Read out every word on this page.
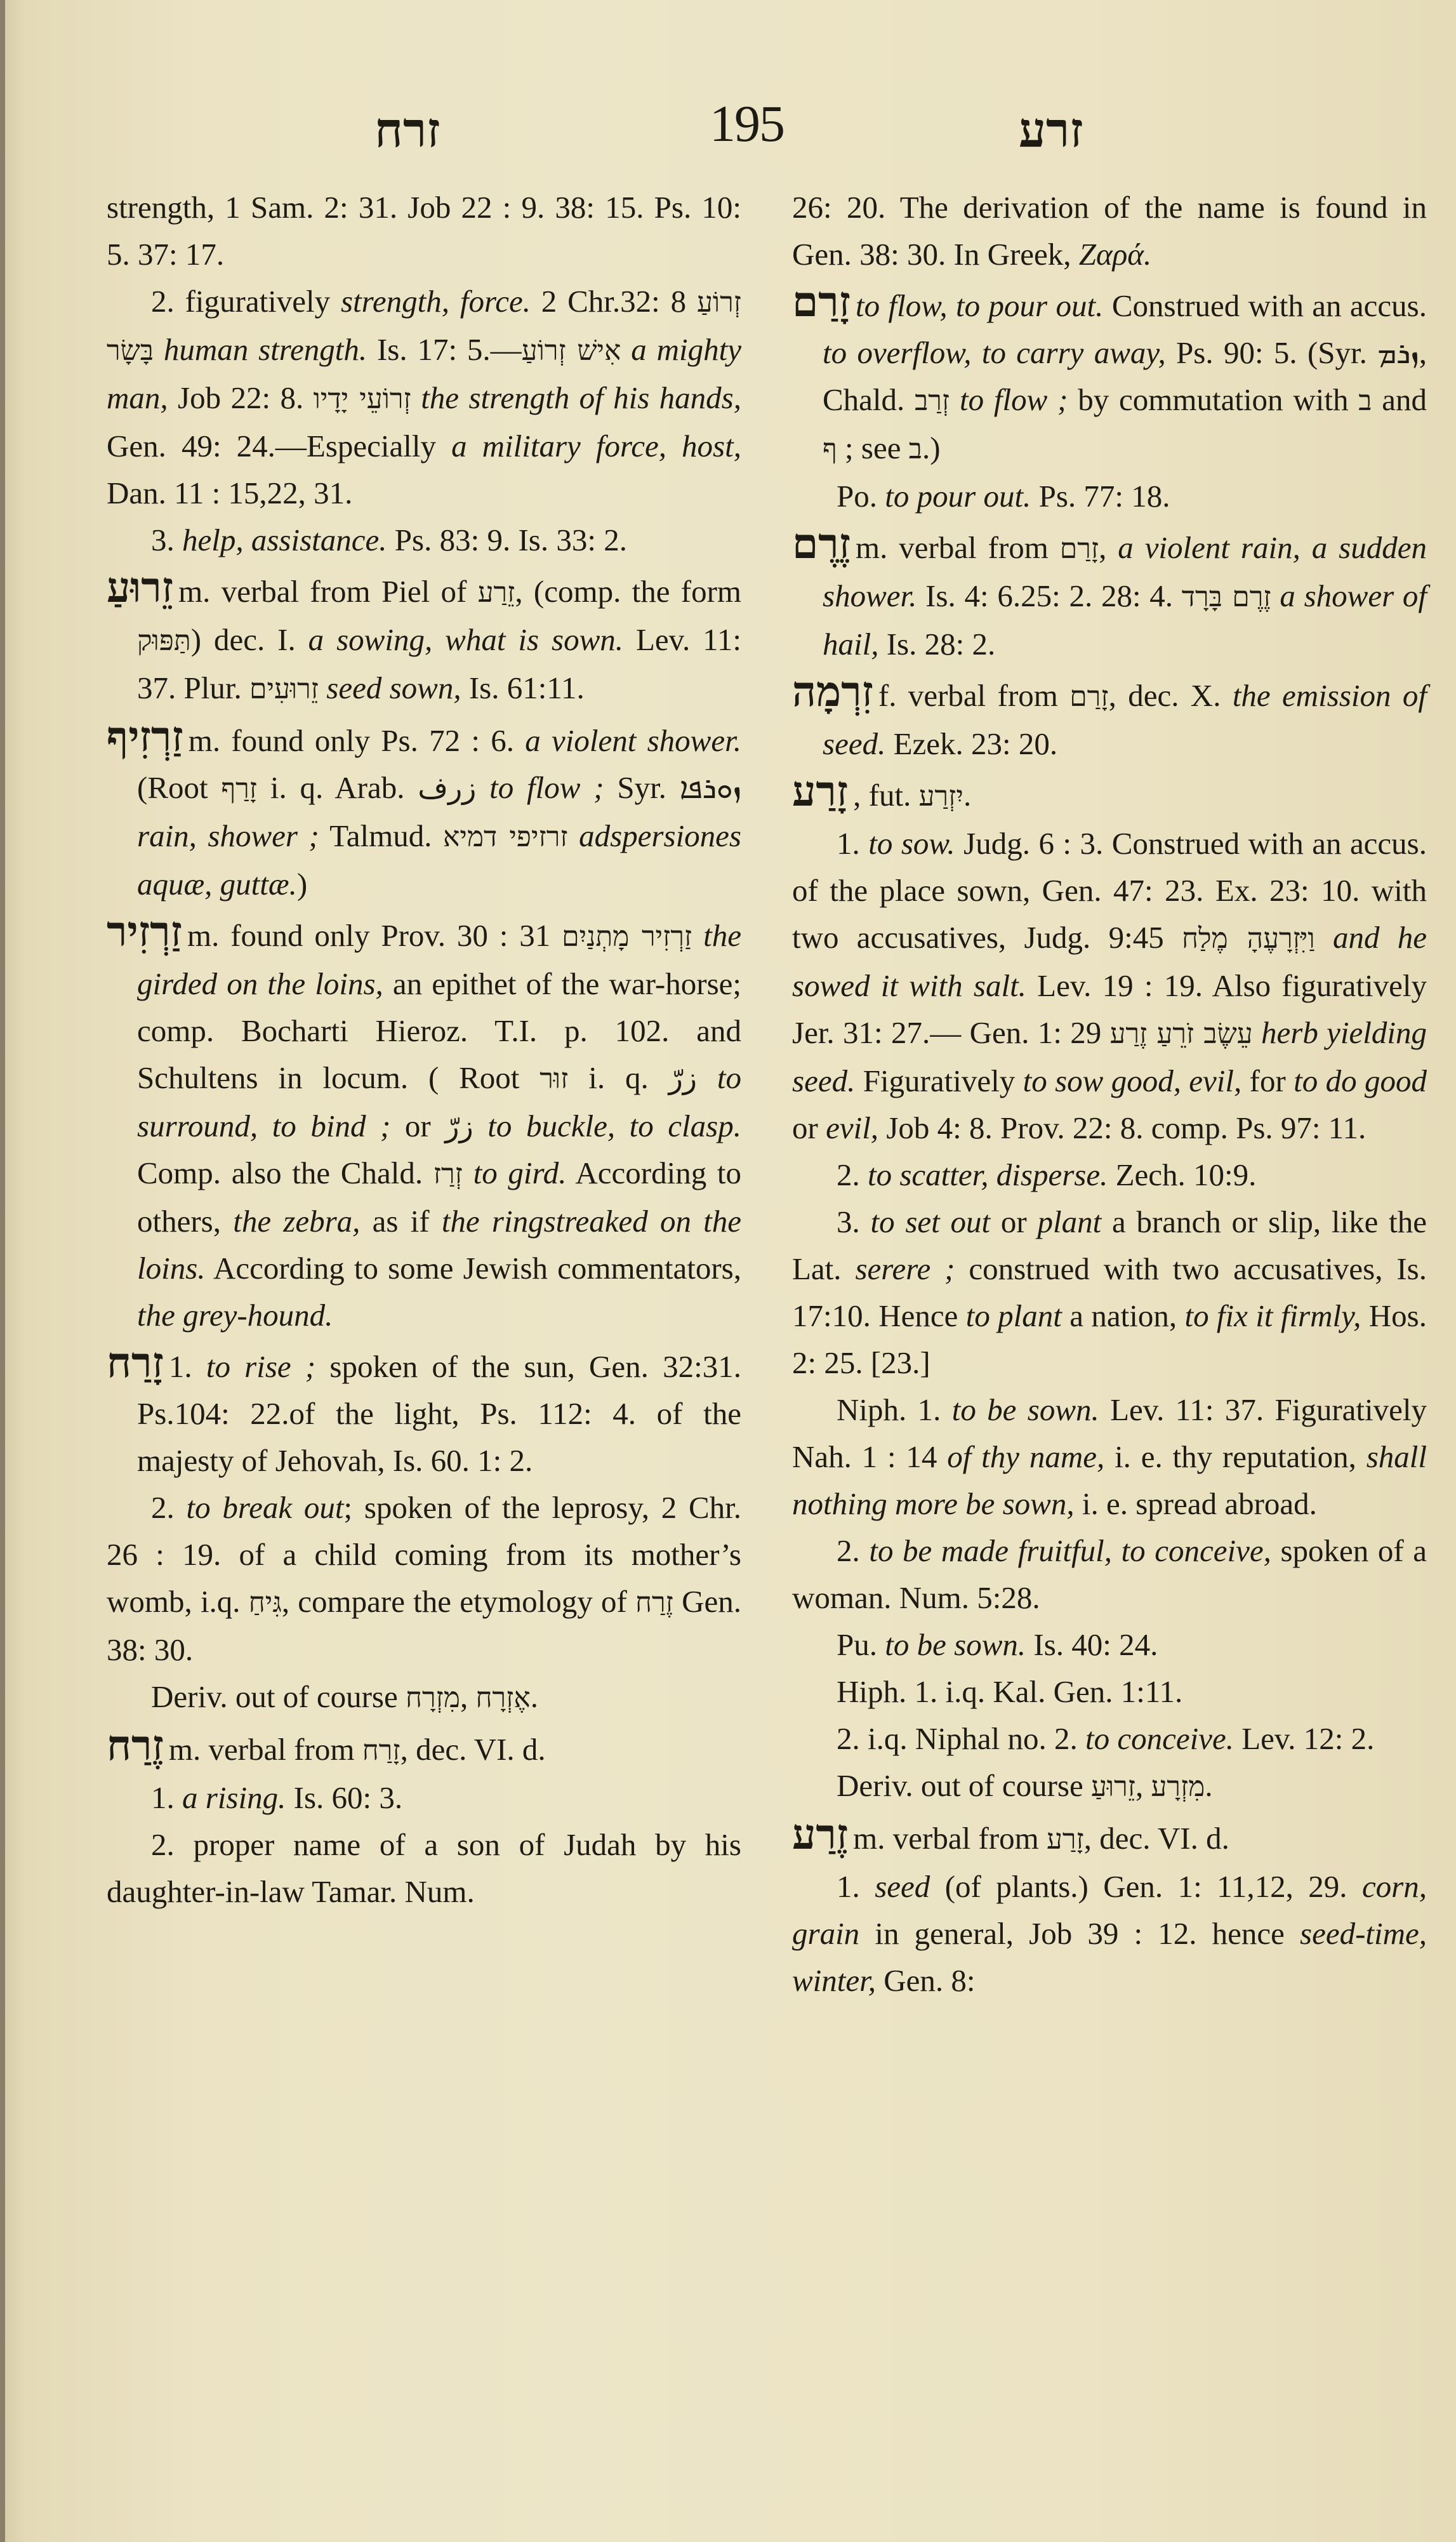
זרח	195	זרע

strength, 1 Sam. 2: 31. Job 22 : 9. 38: 15. Ps. 10: 5. 37: 17.

2. figuratively strength, force. 2 Chr.32: 8 זְרוֹעַ בָּשָׂר human strength. Is. 17: 5.—אִישׁ זְרוֹעַ a mighty man, Job 22: 8. זְרוֹעֵי יָדָיו the strength of his hands, Gen. 49: 24.—Especially a military force, host, Dan. 11 : 15,22, 31.

3. help, assistance. Ps. 83: 9. Is. 33: 2.

זֵרוּעַ m. verbal from Piel of זֵרַע, (comp. the form תַּפּוּק) dec. I. a sowing, what is sown. Lev. 11: 37. Plur. זֵרוּעִים seed sown, Is. 61:11.

זַרְזִיף m. found only Ps. 72 : 6. a violent shower. (Root זָרַף i. q. Arab. زرف to flow ; Syr. ܙܘܪܦܐ rain, shower ; Talmud. זרזיפי דמיא adspersiones aquæ, guttæ.)

זַרְזִיר m. found only Prov. 30 : 31 זַרְזִיר מָתְנַיִם the girded on the loins, an epithet of the war-horse; comp. Bocharti Hieroz. T.I. p. 102. and Schultens in locum. ( Root זוּר i. q. زرّ to surround, to bind ; or زرّ to buckle, to clasp. Comp. also the Chald. זְרַז to gird. According to others, the zebra, as if the ringstreaked on the loins. According to some Jewish commentators, the grey-hound.

זָרַח 1. to rise ; spoken of the sun, Gen. 32:31. Ps.104: 22.of the light, Ps. 112: 4. of the majesty of Jehovah, Is. 60. 1: 2.

2. to break out; spoken of the leprosy, 2 Chr. 26 : 19. of a child coming from its mother’s womb, i.q. גִּיחַ, compare the etymology of זֶרַח Gen. 38: 30.

Deriv. out of course מִזְרָח, אֶזְרָח.

זֶרַח m. verbal from זָרַח, dec. VI. d.

1. a rising. Is. 60: 3.

2. proper name of a son of Judah by his daughter-in-law Tamar. Num.

26: 20. The derivation of the name is found in Gen. 38: 30. In Greek, Ζαρά.

זָרַם to flow, to pour out. Construed with an accus. to overflow, to carry away, Ps. 90: 5. (Syr. ܙܪܡ, Chald. זְרַב to flow ; by commutation with ב and ף ; see ב.)

Po. to pour out. Ps. 77: 18.

זֶרֶם m. verbal from זָרַם, a violent rain, a sudden shower. Is. 4: 6.25: 2. 28: 4. זֶרֶם בָּרָד a shower of hail, Is. 28: 2.

זִרְמָה f. verbal from זָרַם, dec. X. the emission of seed. Ezek. 23: 20.

זָרַע , fut. יִזְרַע.

1. to sow. Judg. 6 : 3. Construed with an accus. of the place sown, Gen. 47: 23. Ex. 23: 10. with two accusatives, Judg. 9:45 וַיִּזְרָעֶהָ מֶלַח and he sowed it with salt. Lev. 19 : 19. Also figuratively Jer. 31: 27.— Gen. 1: 29 עֵשֶׂב זֹרֵעַ זֶרַע herb yielding seed. Figuratively to sow good, evil, for to do good or evil, Job 4: 8. Prov. 22: 8. comp. Ps. 97: 11.

2. to scatter, disperse. Zech. 10:9.

3. to set out or plant a branch or slip, like the Lat. serere ; construed with two accusatives, Is. 17:10. Hence to plant a nation, to fix it firmly, Hos. 2: 25. [23.]

Niph. 1. to be sown. Lev. 11: 37. Figuratively Nah. 1 : 14 of thy name, i. e. thy reputation, shall nothing more be sown, i. e. spread abroad.

2. to be made fruitful, to conceive, spoken of a woman. Num. 5:28.

Pu. to be sown. Is. 40: 24.

Hiph. 1. i.q. Kal. Gen. 1:11.

2. i.q. Niphal no. 2. to conceive. Lev. 12: 2.

Deriv. out of course זֵרוּעַ, מִזְרָע.

זֶרַע m. verbal from זָרַע, dec. VI. d.

1. seed (of plants.) Gen. 1: 11,12, 29. corn, grain in general, Job 39 : 12. hence seed-time, winter, Gen. 8:
